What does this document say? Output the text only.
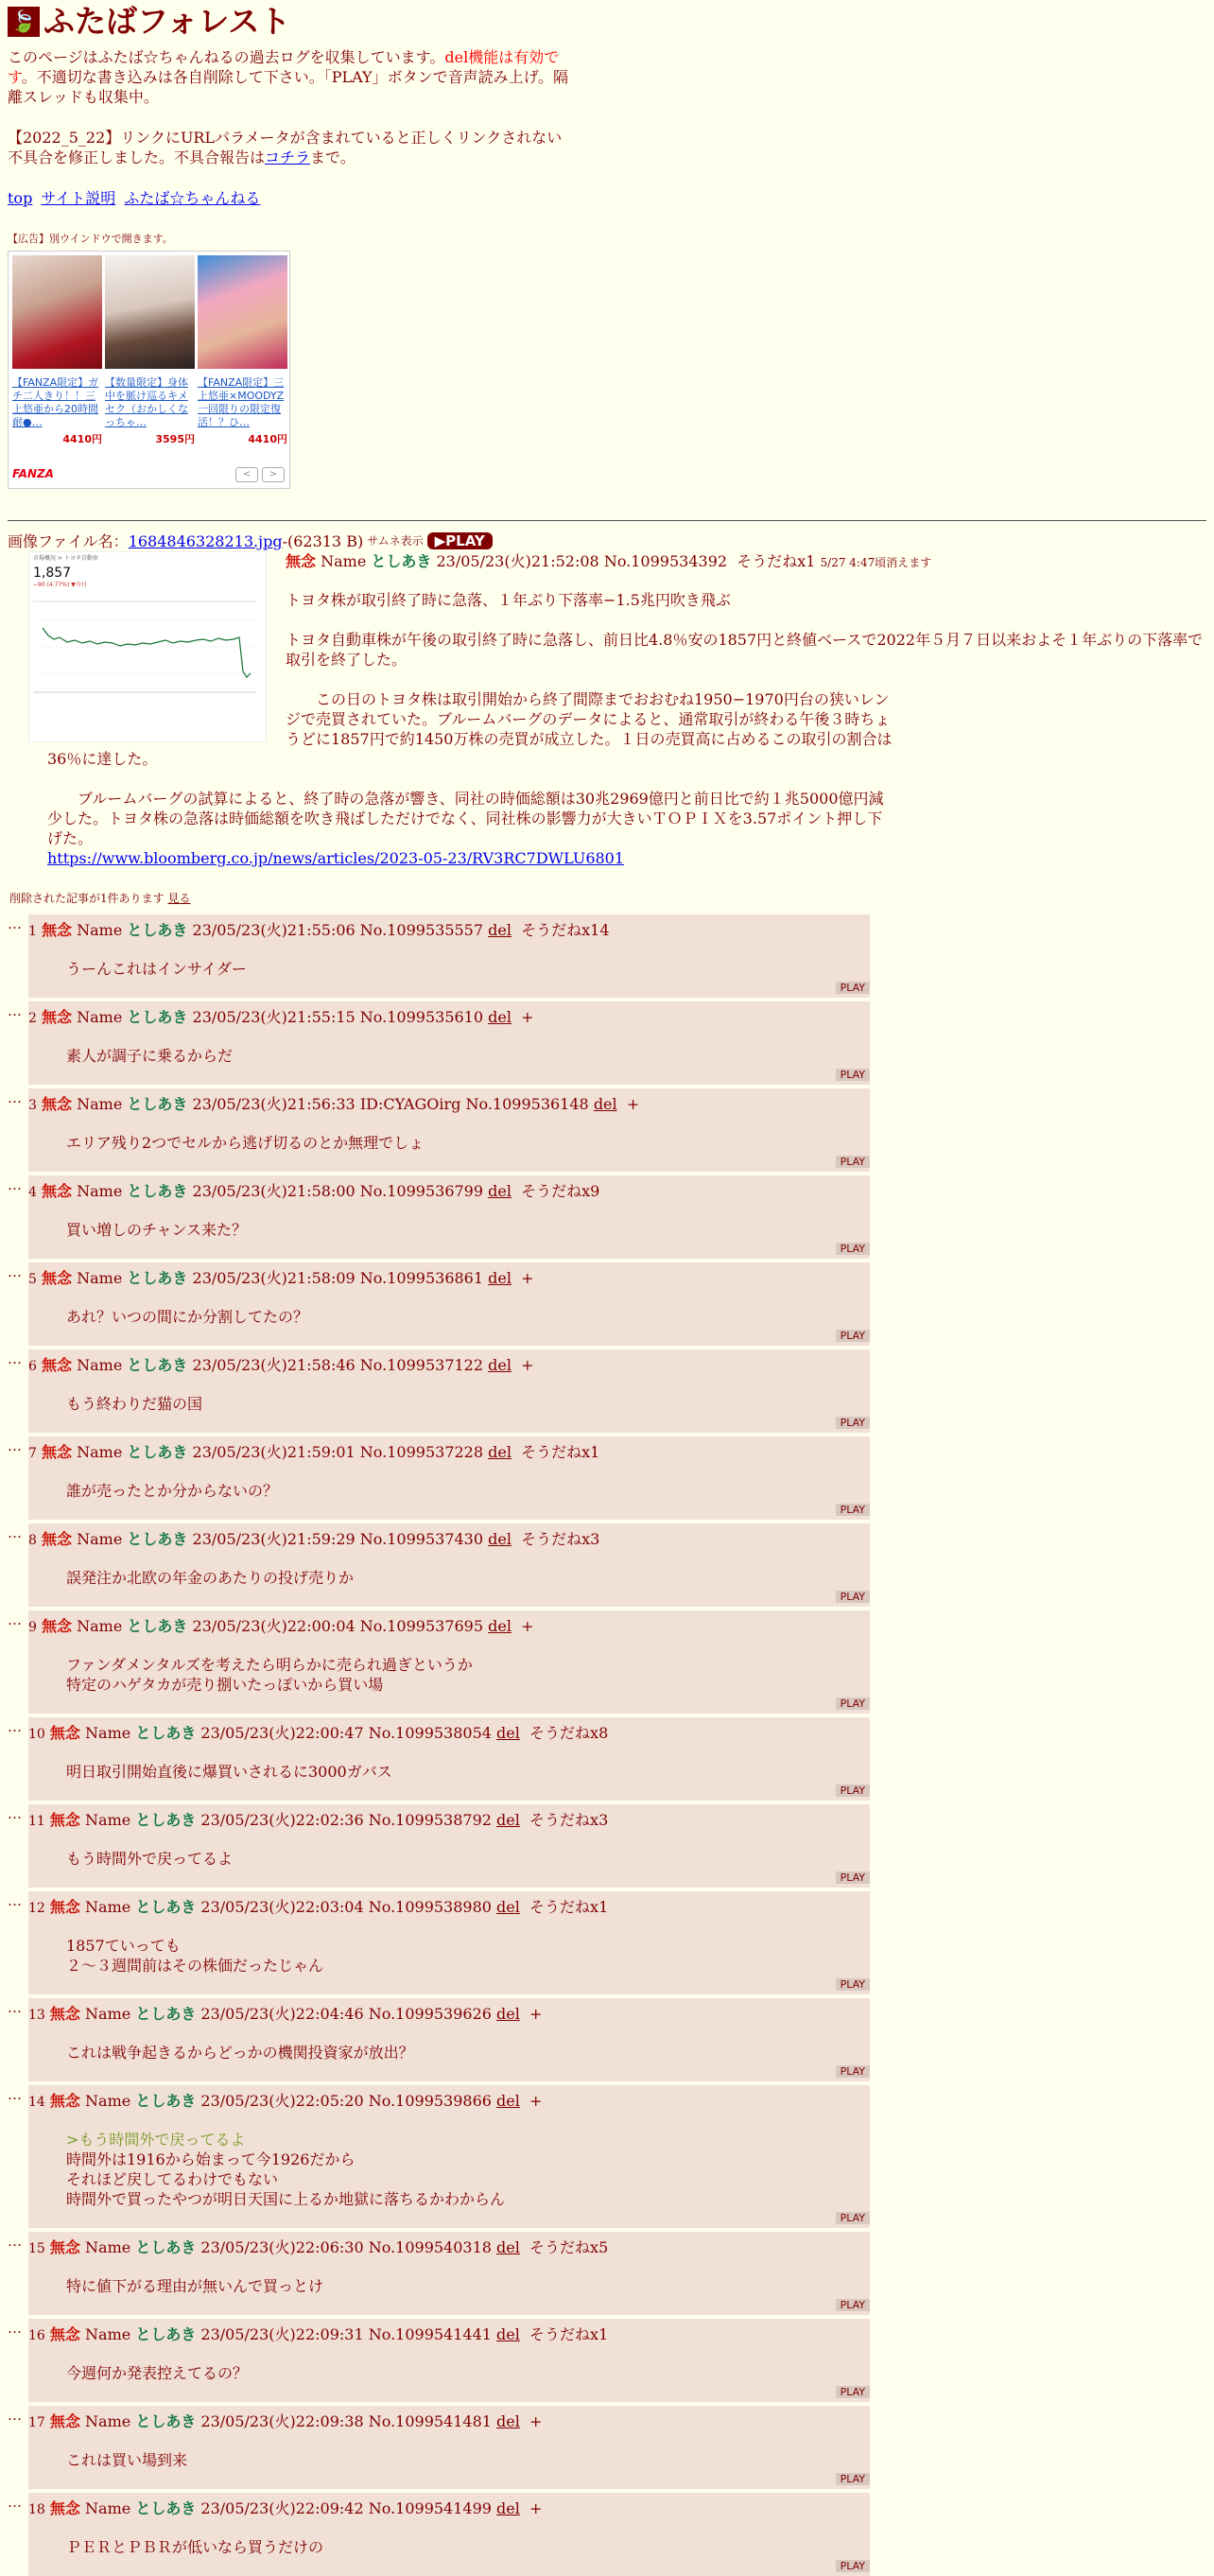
🍃 ふたばフォレスト
このページはふたば☆ちゃんねるの過去ログを収集しています。del機能は有効です。不適切な書き込みは各自削除して下さい。「PLAY」ボタンで音声読み上げ。隔離スレッドも収集中。
【2022_5_22】リンクにURLパラメータが含まれていると正しくリンクされない不具合を修正しました。不具合報告はコチラまで。
top サイト説明 ふたば☆ちゃんねる
【広告】別ウインドウで開きます。
【FANZA限定】ガチ二人きり！！三上悠亜から20時間耐●…
4410円
【数量限定】身体中を脈け巡るキメセク（おかしくなっちゃ…
3595円
【FANZA限定】三上悠亜×MOODYZ 一回限りの限定復活！？ひ…
4410円
FANZA	<	>
画像ファイル名： 1684846328213.jpg -(62313 B) サムネ表示 ▶PLAY
市場概況 > トヨタ自動車
1,857
−90 (4.77%) ▼今日
無念 Name としあき 23/05/23(火)21:52:08 No.1099534392 そうだねx1 5/27 4:47頃消えます

トヨタ株が取引終了時に急落、１年ぶり下落率−1.5兆円吹き飛ぶ

トヨタ自動車株が午後の取引終了時に急落し、前日比4.8％安の1857円と終値ベースで2022年５月７日以来およそ１年ぶりの下落率で取引を終了した。

　　この日のトヨタ株は取引開始から終了間際までおおむね1950−1970円台の狭いレンジで売買されていた。ブルームバーグのデータによると、通常取引が終わる午後３時ちょうどに1857円で約1450万株の売買が成立した。１日の売買高に占めるこの取引の割合は36％に達した。

　　ブルームバーグの試算によると、終了時の急落が響き、同社の時価総額は30兆2969億円と前日比で約１兆5000億円減少した。トヨタ株の急落は時価総額を吹き飛ばしただけでなく、同社株の影響力が大きいＴＯＰＩＸを3.57ポイント押し下げた。

https://www.bloomberg.co.jp/news/articles/2023-05-23/RV3RC7DWLU6801

削除された記事が1件あります 見る
… 1 無念 Name としあき 23/05/23(火)21:55:06 No.1099535557 del そうだねx14
うーんこれはインサイダー
PLAY
… 2 無念 Name としあき 23/05/23(火)21:55:15 No.1099535610 del +
素人が調子に乗るからだ
PLAY
… 3 無念 Name としあき 23/05/23(火)21:56:33 ID:CYAGOirg No.1099536148 del +
エリア残り2つでセルから逃げ切るのとか無理でしょ
PLAY
… 4 無念 Name としあき 23/05/23(火)21:58:00 No.1099536799 del そうだねx9
買い増しのチャンス来た？
PLAY
… 5 無念 Name としあき 23/05/23(火)21:58:09 No.1099536861 del +
あれ？いつの間にか分割してたの？
PLAY
… 6 無念 Name としあき 23/05/23(火)21:58:46 No.1099537122 del +
もう終わりだ猫の国
PLAY
… 7 無念 Name としあき 23/05/23(火)21:59:01 No.1099537228 del そうだねx1
誰が売ったとか分からないの？
PLAY
… 8 無念 Name としあき 23/05/23(火)21:59:29 No.1099537430 del そうだねx3
誤発注か北欧の年金のあたりの投げ売りか
PLAY
… 9 無念 Name としあき 23/05/23(火)22:00:04 No.1099537695 del +
ファンダメンタルズを考えたら明らかに売られ過ぎというか
特定のハゲタカが売り捌いたっぽいから買い場
PLAY
… 10 無念 Name としあき 23/05/23(火)22:00:47 No.1099538054 del そうだねx8
明日取引開始直後に爆買いされるに3000ガバス
PLAY
… 11 無念 Name としあき 23/05/23(火)22:02:36 No.1099538792 del そうだねx3
もう時間外で戻ってるよ
PLAY
… 12 無念 Name としあき 23/05/23(火)22:03:04 No.1099538980 del そうだねx1
1857ていっても
２〜３週間前はその株価だったじゃん
PLAY
… 13 無念 Name としあき 23/05/23(火)22:04:46 No.1099539626 del +
これは戦争起きるからどっかの機関投資家が放出？
PLAY
… 14 無念 Name としあき 23/05/23(火)22:05:20 No.1099539866 del +
>もう時間外で戻ってるよ
時間外は1916から始まって今1926だから
それほど戻してるわけでもない
時間外で買ったやつが明日天国に上るか地獄に落ちるかわからん
PLAY
… 15 無念 Name としあき 23/05/23(火)22:06:30 No.1099540318 del そうだねx5
特に値下がる理由が無いんで買っとけ
PLAY
… 16 無念 Name としあき 23/05/23(火)22:09:31 No.1099541441 del そうだねx1
今週何か発表控えてるの？
PLAY
… 17 無念 Name としあき 23/05/23(火)22:09:38 No.1099541481 del +
これは買い場到来
PLAY
… 18 無念 Name としあき 23/05/23(火)22:09:42 No.1099541499 del +
ＰＥＲとＰＢＲが低いなら買うだけの
PLAY
